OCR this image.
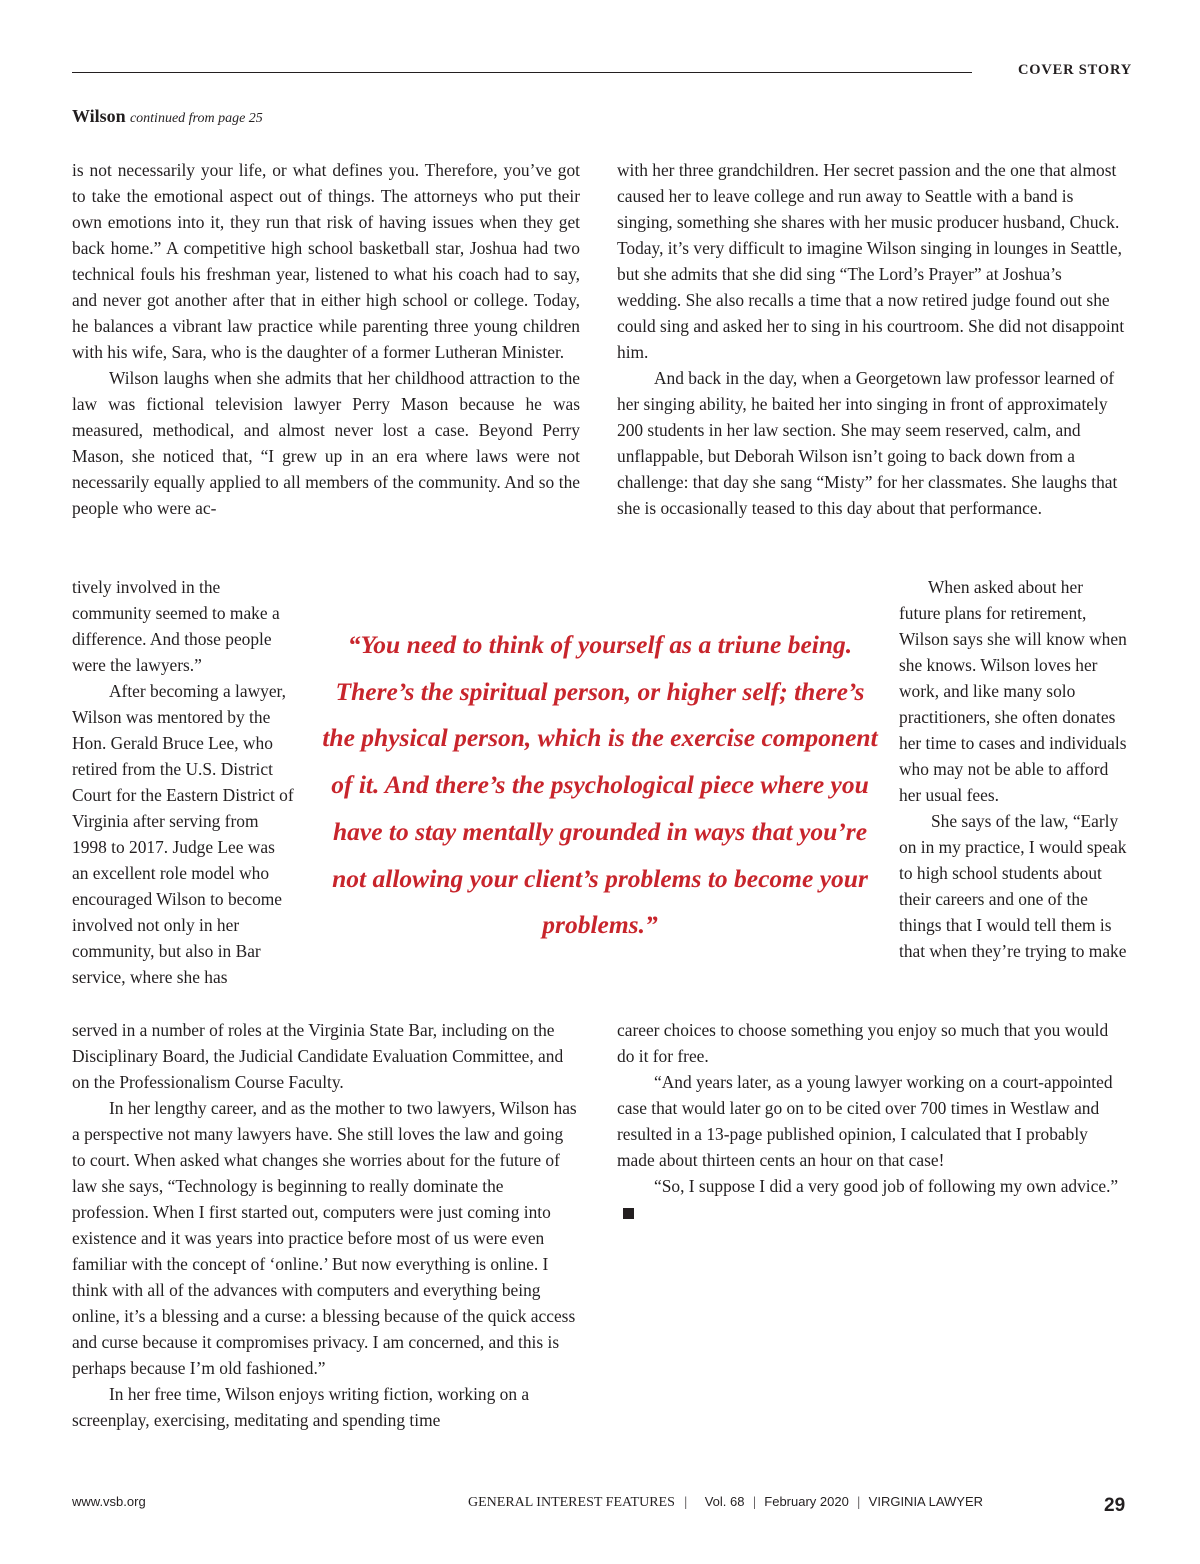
COVER STORY
Wilson continued from page 25

is not necessarily your life, or what defines you. Therefore, you’ve got to take the emotional aspect out of things. The attorneys who put their own emotions into it, they run that risk of having issues when they get back home.” A competitive high school basketball star, Joshua had two technical fouls his freshman year, listened to what his coach had to say, and never got another after that in either high school or college. Today, he balances a vibrant law practice while parenting three young children with his wife, Sara, who is the daughter of a former Lutheran Minister.

Wilson laughs when she admits that her childhood attraction to the law was fictional television lawyer Perry Mason because he was measured, methodical, and almost never lost a case. Beyond Perry Mason, she noticed that, “I grew up in an era where laws were not necessarily equally applied to all members of the community. And so the people who were ac-

tively involved in the community seemed to make a difference. And those people were the lawyers.”

After becoming a lawyer, Wilson was mentored by the Hon. Gerald Bruce Lee, who retired from the U.S. District Court for the Eastern District of Virginia after serving from 1998 to 2017. Judge Lee was an excellent role model who encouraged Wilson to become involved not only in her community, but also in Bar service, where she has

served in a number of roles at the Virginia State Bar, including on the Disciplinary Board, the Judicial Candidate Evaluation Committee, and on the Professionalism Course Faculty.

In her lengthy career, and as the mother to two lawyers, Wilson has a perspective not many lawyers have. She still loves the law and going to court. When asked what changes she worries about for the future of law she says, “Technology is beginning to really dominate the profession. When I first started out, computers were just coming into existence and it was years into practice before most of us were even familiar with the concept of ‘online.’ But now everything is online. I think with all of the advances with computers and everything being online, it’s a blessing and a curse: a blessing because of the quick access and curse because it compromises privacy. I am concerned, and this is perhaps because I’m old fashioned.”

In her free time, Wilson enjoys writing fiction, working on a screenplay, exercising, meditating and spending time

with her three grandchildren. Her secret passion and the one that almost caused her to leave college and run away to Seattle with a band is singing, something she shares with her music producer husband, Chuck. Today, it’s very difficult to imagine Wilson singing in lounges in Seattle, but she admits that she did sing “The Lord’s Prayer” at Joshua’s wedding. She also recalls a time that a now retired judge found out she could sing and asked her to sing in his courtroom. She did not disappoint him.

And back in the day, when a Georgetown law professor learned of her singing ability, he baited her into singing in front of approximately 200 students in her law section. She may seem reserved, calm, and unflappable, but Deborah Wilson isn’t going to back down from a challenge: that day she sang “Misty” for her classmates. She laughs that she is occasionally teased to this day about that performance.

When asked about her future plans for retirement, Wilson says she will know when she knows. Wilson loves her work, and like many solo practitioners, she often donates her time to cases and individuals who may not be able to afford her usual fees.

She says of the law, “Early on in my practice, I would speak to high school students about their careers and one of the things that I would tell them is that when they’re trying to make

career choices to choose something you enjoy so much that you would do it for free.

“And years later, as a young lawyer working on a court-appointed case that would later go on to be cited over 700 times in Westlaw and resulted in a 13-page published opinion, I calculated that I probably made about thirteen cents an hour on that case!

“So, I suppose I did a very good job of following my own advice.”

“You need to think of yourself as a triune being. There’s the spiritual person, or higher self; there’s the physical person, which is the exercise component of it. And there’s the psychological piece where you have to stay mentally grounded in ways that you’re not allowing your client’s problems to become your problems.”
www.vsb.org	GENERAL INTEREST FEATURES | Vol. 68 | February 2020 | VIRGINIA LAWYER	29
